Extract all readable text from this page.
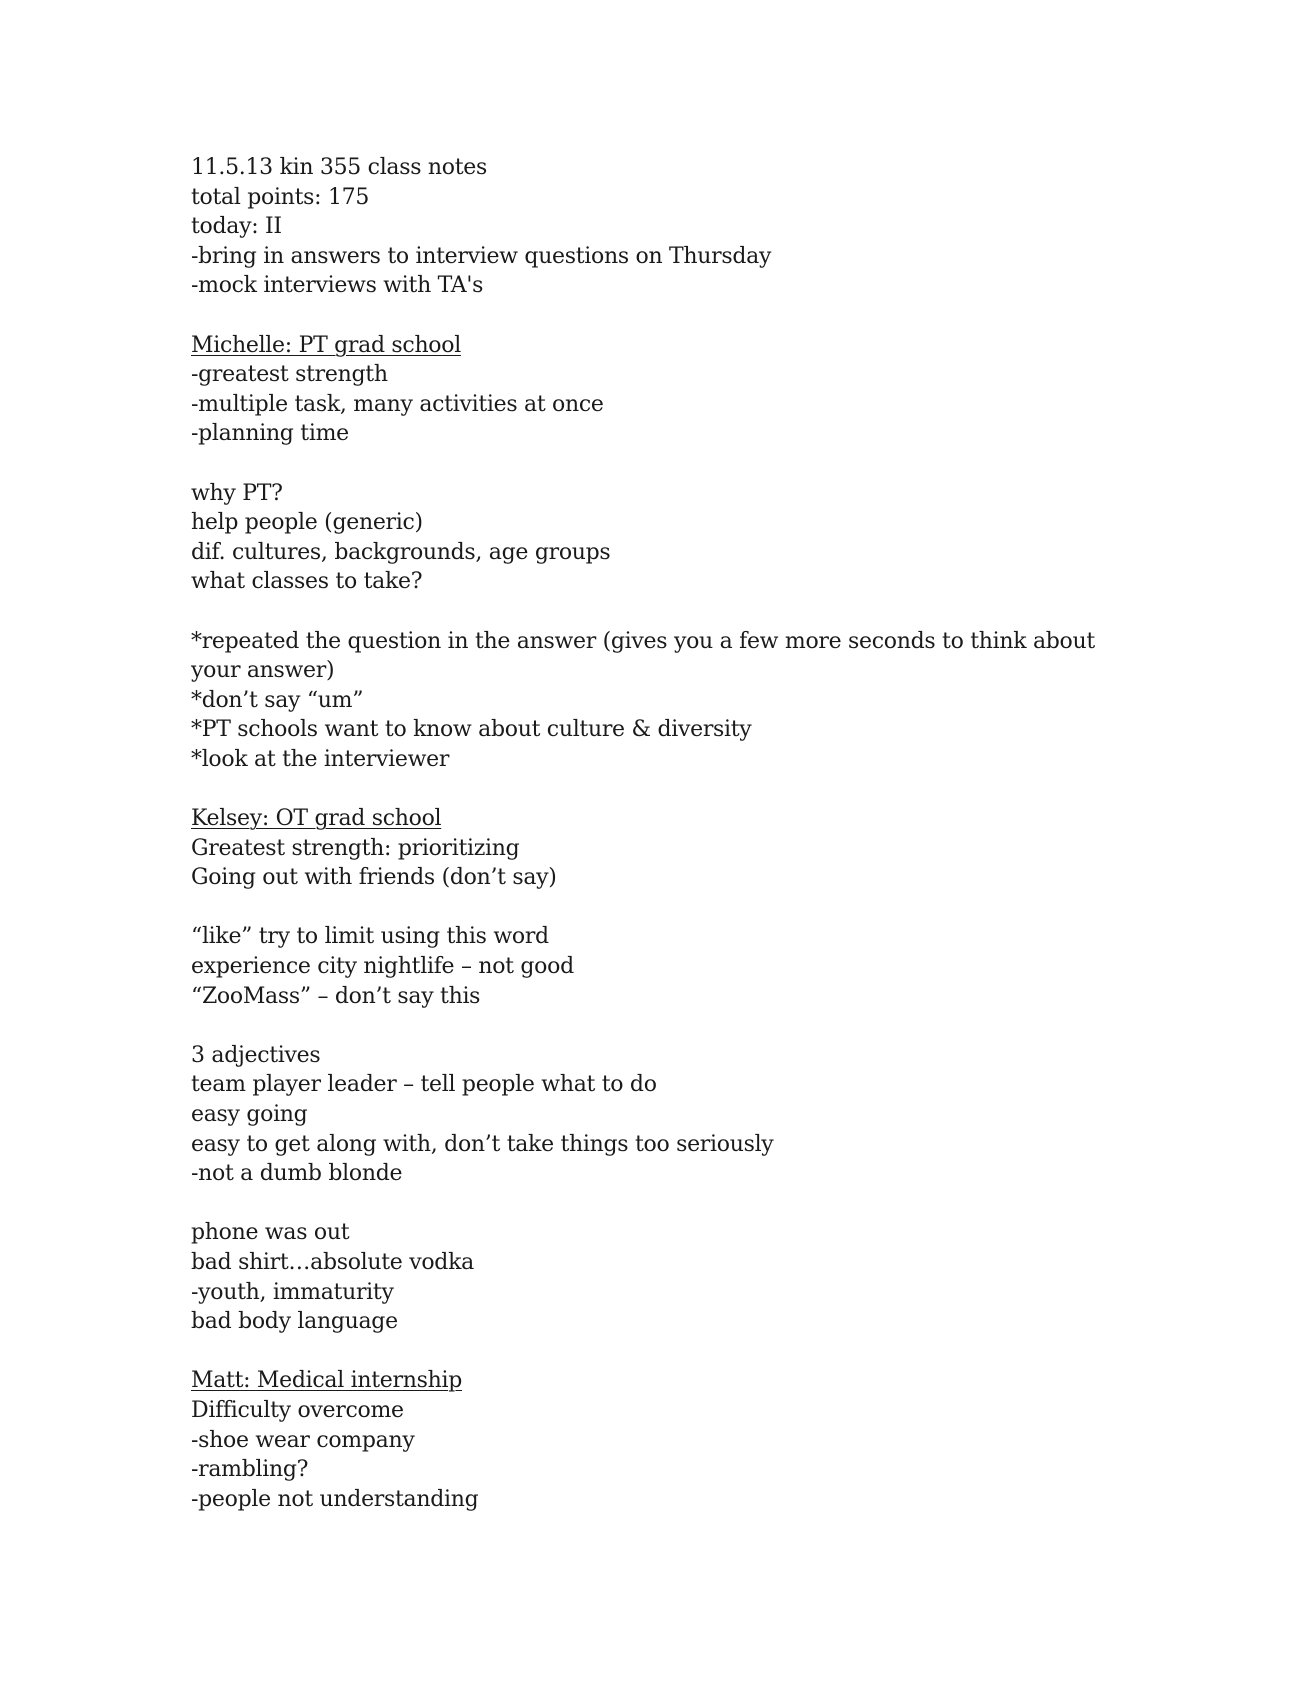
11.5.13 kin 355 class notes
total points: 175
today: II
-bring in answers to interview questions on Thursday
-mock interviews with TA's
Michelle: PT grad school
-greatest strength
-multiple task, many activities at once
-planning time
why PT?
help people (generic)
dif. cultures, backgrounds, age groups
what classes to take?
*repeated the question in the answer (gives you a few more seconds to think about your answer)
*don’t say “um”
*PT schools want to know about culture & diversity
*look at the interviewer
Kelsey: OT grad school
Greatest strength: prioritizing
Going out with friends (don’t say)
“like” try to limit using this word
experience city nightlife – not good
“ZooMass” – don’t say this
3 adjectives
team player leader – tell people what to do
easy going
easy to get along with, don’t take things too seriously
-not a dumb blonde
phone was out
bad shirt…absolute vodka
-youth, immaturity
bad body language
Matt: Medical internship
Difficulty overcome
-shoe wear company
-rambling?
-people not understanding
